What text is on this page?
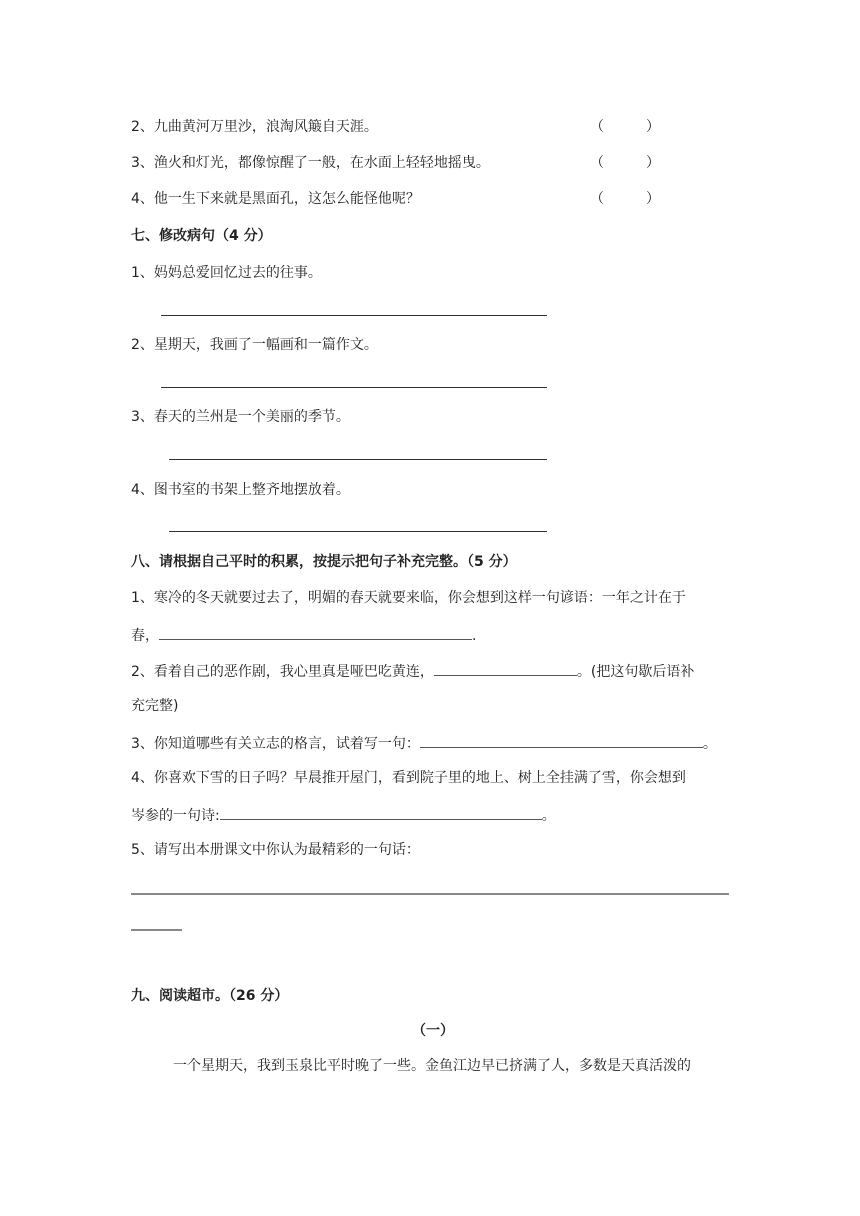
2、九曲黄河万里沙，浪淘风簸自天涯。	（　　　）
3、渔火和灯光，都像惊醒了一般，在水面上轻轻地摇曳。	（　　　）
4、他一生下来就是黑面孔，这怎么能怪他呢？	（　　　）
七、修改病句（4 分）
1、妈妈总爱回忆过去的往事。
2、星期天，我画了一幅画和一篇作文。
3、春天的兰州是一个美丽的季节。
4、图书室的书架上整齐地摆放着。
八、请根据自己平时的积累，按提示把句子补充完整。（5 分）
1、寒冷的冬天就要过去了，明媚的春天就要来临，你会想到这样一句谚语：一年之计在于
春，	.
2、看着自己的恶作剧，我心里真是哑巴吃黄连，	。(把这句歇后语补
充完整)
3、你知道哪些有关立志的格言，试着写一句：	。
4、你喜欢下雪的日子吗？早晨推开屋门，看到院子里的地上、树上全挂满了雪，你会想到
岑参的一句诗:	。
5、请写出本册课文中你认为最精彩的一句话：
九、阅读超市。（26 分）
（一）
一个星期天，我到玉泉比平时晚了一些。金鱼江边早已挤满了人，多数是天真活泼的
